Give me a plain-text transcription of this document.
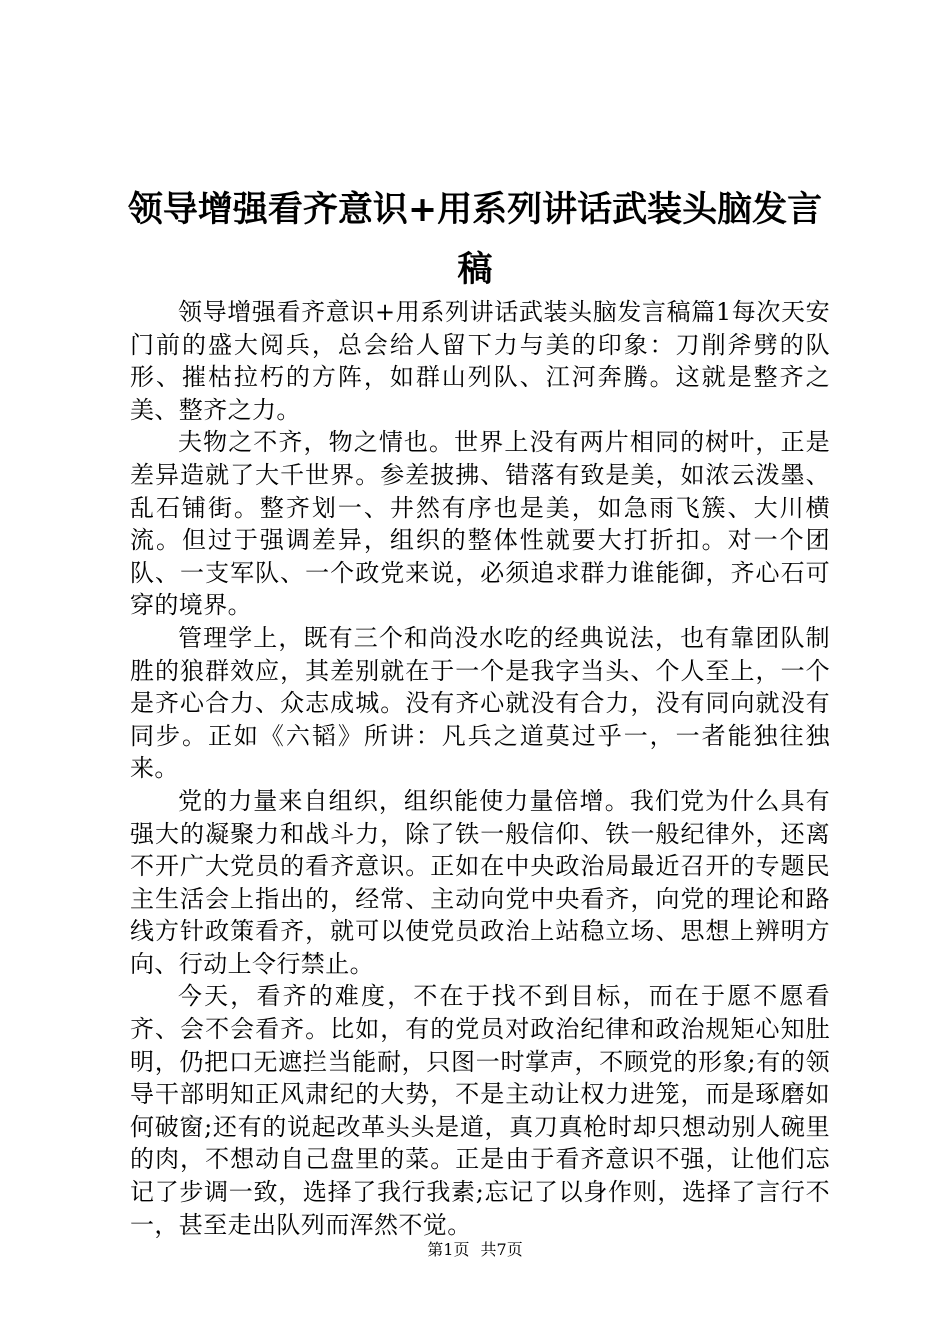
领导增强看齐意识+用系列讲话武装头脑发言稿

领导增强看齐意识+用系列讲话武装头脑发言稿篇1每次天安门前的盛大阅兵，总会给人留下力与美的印象：刀削斧劈的队形、摧枯拉朽的方阵，如群山列队、江河奔腾。这就是整齐之美、整齐之力。

夫物之不齐，物之情也。世界上没有两片相同的树叶，正是差异造就了大千世界。参差披拂、错落有致是美，如浓云泼墨、乱石铺街。整齐划一、井然有序也是美，如急雨飞簇、大川横流。但过于强调差异，组织的整体性就要大打折扣。对一个团队、一支军队、一个政党来说，必须追求群力谁能御，齐心石可穿的境界。

管理学上，既有三个和尚没水吃的经典说法，也有靠团队制胜的狼群效应，其差别就在于一个是我字当头、个人至上，一个是齐心合力、众志成城。没有齐心就没有合力，没有同向就没有同步。正如《六韬》所讲：凡兵之道莫过乎一，一者能独往独来。

党的力量来自组织，组织能使力量倍增。我们党为什么具有强大的凝聚力和战斗力，除了铁一般信仰、铁一般纪律外，还离不开广大党员的看齐意识。正如在中央政治局最近召开的专题民主生活会上指出的，经常、主动向党中央看齐，向党的理论和路线方针政策看齐，就可以使党员政治上站稳立场、思想上辨明方向、行动上令行禁止。

今天，看齐的难度，不在于找不到目标，而在于愿不愿看齐、会不会看齐。比如，有的党员对政治纪律和政治规矩心知肚明，仍把口无遮拦当能耐，只图一时掌声，不顾党的形象;有的领导干部明知正风肃纪的大势，不是主动让权力进笼，而是琢磨如何破窗;还有的说起改革头头是道，真刀真枪时却只想动别人碗里的肉，不想动自己盘里的菜。正是由于看齐意识不强，让他们忘记了步调一致，选择了我行我素;忘记了以身作则，选择了言行不一，甚至走出队列而浑然不觉。

第1页 共7页
